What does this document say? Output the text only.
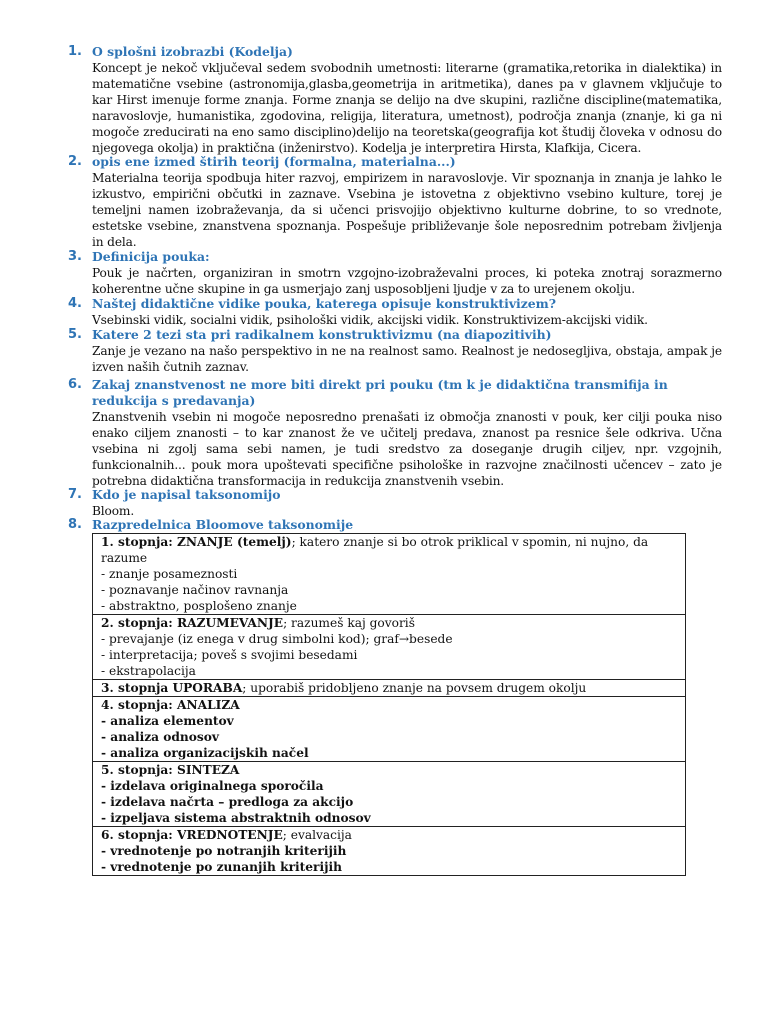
1. O splošni izobrazbi (Kodelja)
Koncept je nekoč vključeval sedem svobodnih umetnosti: literarne (gramatika,retorika in dialektika) in matematične vsebine (astronomija,glasba,geometrija in aritmetika), danes pa v glavnem vključuje to kar Hirst imenuje forme znanja. Forme znanja se delijo na dve skupini, različne discipline(matematika, naravoslovje, humanistika, zgodovina, religija, literatura, umetnost), področja znanja (znanje, ki ga ni mogoče zreducirati na eno samo disciplino)delijo na teoretska(geografija kot študij človeka v odnosu do njegovega okolja) in praktična (inženirstvo). Kodelja je interpretira Hirsta, Klafkija, Cicera.
2. opis ene izmed štirih teorij (formalna, materialna...)
Materialna teorija spodbuja hiter razvoj, empirizem in naravoslovje. Vir spoznanja in znanja je lahko le izkustvo, empirični občutki in zaznave. Vsebina je istovetna z objektivno vsebino kulture, torej je temeljni namen izobraževanja, da si učenci prisvojijo objektivno kulturne dobrine, to so vrednote, estetske vsebine, znanstvena spoznanja. Pospešuje približevanje šole neposrednim potrebam življenja in dela.
3. Definicija pouka:
Pouk je načrten, organiziran in smotrn vzgojno-izobraževalni proces, ki poteka znotraj sorazmerno koherentne učne skupine in ga usmerjajo zanj usposobljeni ljudje v za to urejenem okolju.
4. Naštej didaktične vidike pouka, katerega opisuje konstruktivizem?
Vsebinski vidik, socialni vidik, psihološki vidik, akcijski vidik. Konstruktivizem-akcijski vidik.
5. Katere 2 tezi sta pri radikalnem konstruktivizmu (na diapozitivih)
Zanje je vezano na našo perspektivo in ne na realnost samo. Realnost je nedosegljiva, obstaja, ampak je izven naših čutnih zaznav.
6. Zakaj znanstvenost ne more biti direkt pri pouku (tm k je didaktična transmifija in redukcija s predavanja)
Znanstvenih vsebin ni mogoče neposredno prenašati iz območja znanosti v pouk, ker cilji pouka niso enako ciljem znanosti – to kar znanost že ve učitelj predava, znanost pa resnice šele odkriva. Učna vsebina ni zgolj sama sebi namen, je tudi sredstvo za doseganje drugih ciljev, npr. vzgojnih, funkcionalnih... pouk mora upoštevati specifične psihološke in razvojne značilnosti učencev – zato je potrebna didaktična transformacija in redukcija znanstvenih vsebin.
7. Kdo je napisal taksonomijo
Bloom.
8. Razpredelnica Bloomove taksonomije
1. stopnja: ZNANJE (temelj); katero znanje si bo otrok priklical v spomin, ni nujno, da razume
- znanje posameznosti
- poznavanje načinov ravnanja
- abstraktno, posplošeno znanje

2. stopnja: RAZUMEVANJE; razumeš kaj govoriš
- prevajanje (iz enega v drug simbolni kod); graf→besede
- interpretacija; poveš s svojimi besedami
- ekstrapolacija

3. stopnja UPORABA; uporabiš pridobljeno znanje na povsem drugem okolju

4. stopnja: ANALIZA
- analiza elementov
- analiza odnosov
- analiza organizacijskih načel

5. stopnja: SINTEZA
- izdelava originalnega sporočila
- izdelava načrta – predloga za akcijo
- izpeljava sistema abstraktnih odnosov

6. stopnja: VREDNOTENJE; evalvacija
- vrednotenje po notranjih kriterijih
- vrednotenje po zunanjih kriterijih
